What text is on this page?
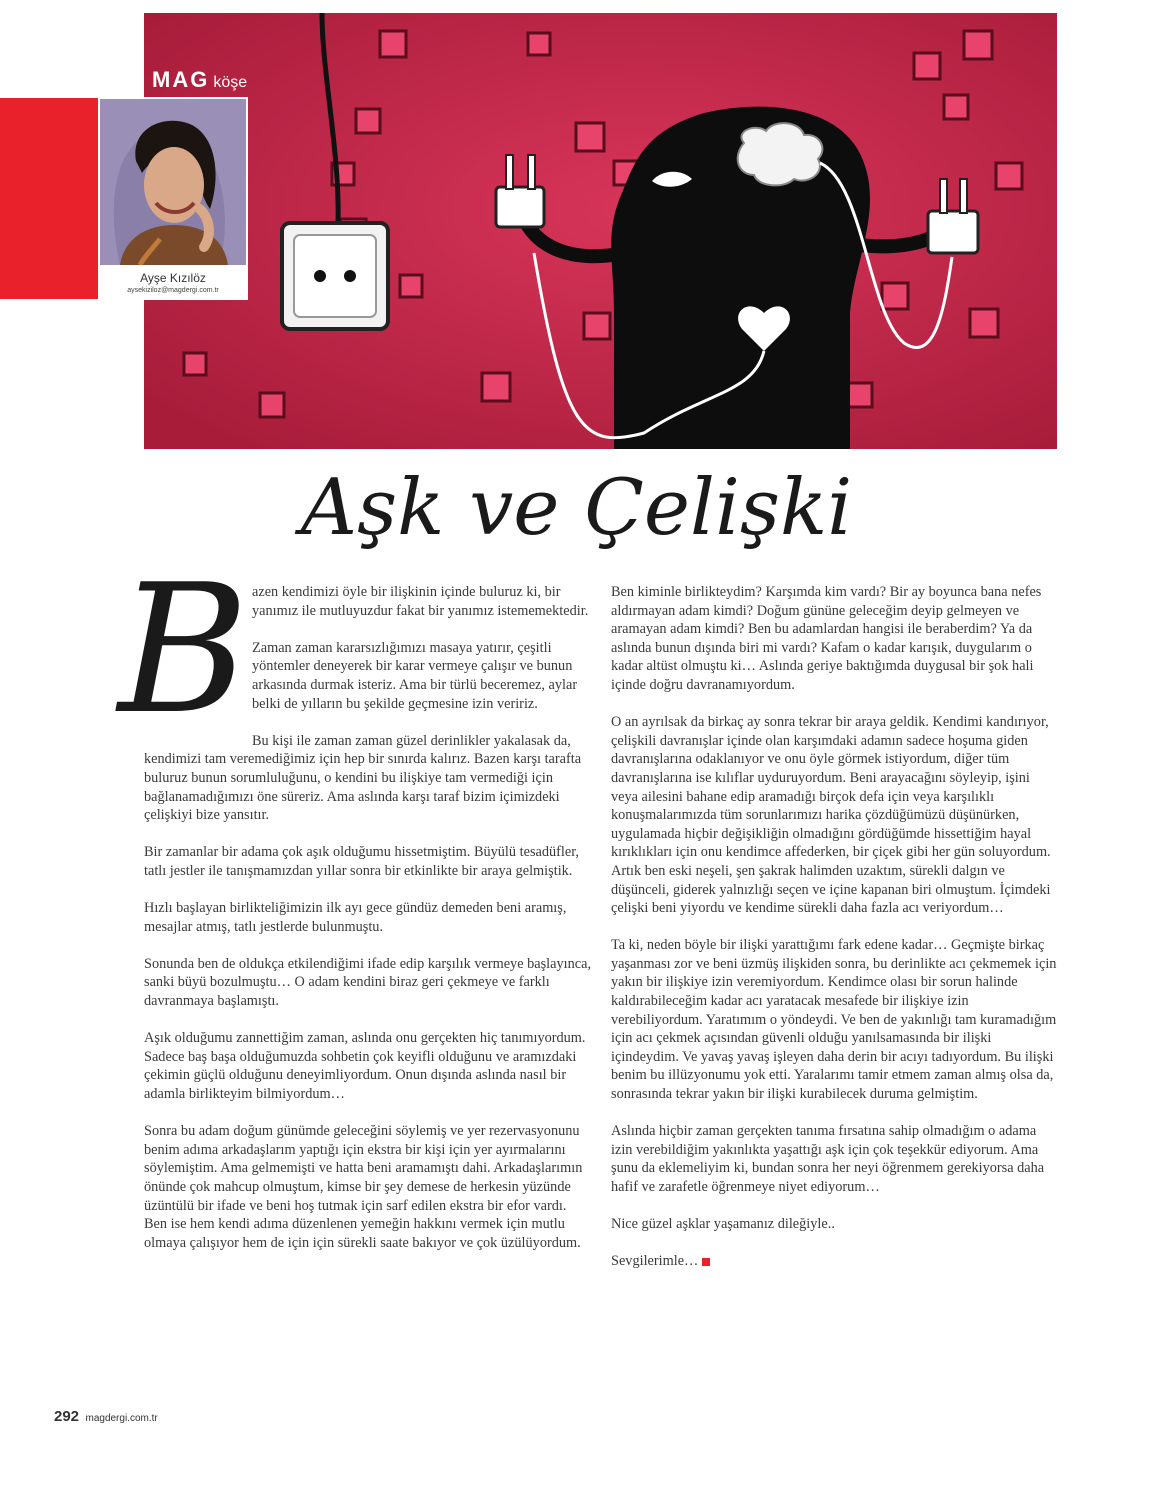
MAG köşe
Ayşe Kızılöz
aysekiziloz@magdergi.com.tr
Aşk ve Çelişki
B azen kendimizi öyle bir ilişkinin içinde buluruz ki, bir yanımız ile mutluyuzdur fakat bir yanımız istememektedir.

Zaman zaman kararsızlığımızı masaya yatırır, çeşitli yöntemler deneyerek bir karar vermeye çalışır ve bunun arkasında durmak isteriz. Ama bir türlü beceremez, aylar belki de yılların bu şekilde geçmesine izin veririz.

Bu kişi ile zaman zaman güzel derinlikler yakalasak da, kendimizi tam veremediğimiz için hep bir sınırda kalırız. Bazen karşı tarafta buluruz bunun sorumluluğunu, o kendini bu ilişkiye tam vermediği için bağlanamadığımızı öne süreriz. Ama aslında karşı taraf bizim içimizdeki çelişkiyi bize yansıtır.

Bir zamanlar bir adama çok aşık olduğumu hissetmiştim. Büyülü tesadüfler, tatlı jestler ile tanışmamızdan yıllar sonra bir etkinlikte bir araya gelmiştik.

Hızlı başlayan birlikteliğimizin ilk ayı gece gündüz demeden beni aramış, mesajlar atmış, tatlı jestlerde bulunmuştu.

Sonunda ben de oldukça etkilendiğimi ifade edip karşılık vermeye başlayınca, sanki büyü bozulmuştu… O adam kendini biraz geri çekmeye ve farklı davranmaya başlamıştı.

Aşık olduğumu zannettiğim zaman, aslında onu gerçekten hiç tanımıyordum. Sadece baş başa olduğumuzda sohbetin çok keyifli olduğunu ve aramızdaki çekimin güçlü olduğunu deneyimliyordum. Onun dışında aslında nasıl bir adamla birlikteyim bilmiyordum…

Sonra bu adam doğum günümde geleceğini söylemiş ve yer rezervasyonunu benim adıma arkadaşlarım yaptığı için ekstra bir kişi için yer ayırmalarını söylemiştim. Ama gelmemişti ve hatta beni aramamıştı dahi. Arkadaşlarımın önünde çok mahcup olmuştum, kimse bir şey demese de herkesin yüzünde üzüntülü bir ifade ve beni hoş tutmak için sarf edilen ekstra bir efor vardı. Ben ise hem kendi adıma düzenlenen yemeğin hakkını vermek için mutlu olmaya çalışıyor hem de için için sürekli saate bakıyor ve çok üzülüyordum.

Ben kiminle birlikteydim? Karşımda kim vardı? Bir ay boyunca bana nefes aldırmayan adam kimdi? Doğum gününe geleceğim deyip gelmeyen ve aramayan adam kimdi? Ben bu adamlardan hangisi ile beraberdim? Ya da aslında bunun dışında biri mi vardı? Kafam o kadar karışık, duygularım o kadar altüst olmuştu ki… Aslında geriye baktığımda duygusal bir şok hali içinde doğru davranamıyordum.

O an ayrılsak da birkaç ay sonra tekrar bir araya geldik. Kendimi kandırıyor, çelişkili davranışlar içinde olan karşımdaki adamın sadece hoşuma giden davranışlarına odaklanıyor ve onu öyle görmek istiyordum, diğer tüm davranışlarına ise kılıflar uyduruyordum. Beni arayacağını söyleyip, işini veya ailesini bahane edip aramadığı birçok defa için veya karşılıklı konuşmalarımızda tüm sorunlarımızı harika çözdüğümüzü düşünürken, uygulamada hiçbir değişikliğin olmadığını gördüğümde hissettiğim hayal kırıklıkları için onu kendimce affederken, bir çiçek gibi her gün soluyordum. Artık ben eski neşeli, şen şakrak halimden uzaktım, sürekli dalgın ve düşünceli, giderek yalnızlığı seçen ve içine kapanan biri olmuştum. İçimdeki çelişki beni yiyordu ve kendime sürekli daha fazla acı veriyordum…

Ta ki, neden böyle bir ilişki yarattığımı fark edene kadar… Geçmişte birkaç yaşanması zor ve beni üzmüş ilişkiden sonra, bu derinlikte acı çekmemek için yakın bir ilişkiye izin veremiyordum. Kendimce olası bir sorun halinde kaldırabileceğim kadar acı yaratacak mesafede bir ilişkiye izin verebiliyordum. Yaratımım o yöndeydi. Ve ben de yakınlığı tam kuramadığım için acı çekmek açısından güvenli olduğu yanılsamasında bir ilişki içindeydim. Ve yavaş yavaş işleyen daha derin bir acıyı tadıyordum. Bu ilişki benim bu illüzyonumu yok etti. Yaralarımı tamir etmem zaman almış olsa da, sonrasında tekrar yakın bir ilişki kurabilecek duruma gelmiştim.

Aslında hiçbir zaman gerçekten tanıma fırsatına sahip olmadığım o adama izin verebildiğim yakınlıkta yaşattığı aşk için çok teşekkür ediyorum. Ama şunu da eklemeliyim ki, bundan sonra her neyi öğrenmem gerekiyorsa daha hafif ve zarafetle öğrenmeye niyet ediyorum…

Nice güzel aşklar yaşamanız dileğiyle..

Sevgilerimle…

292 magdergi.com.tr
